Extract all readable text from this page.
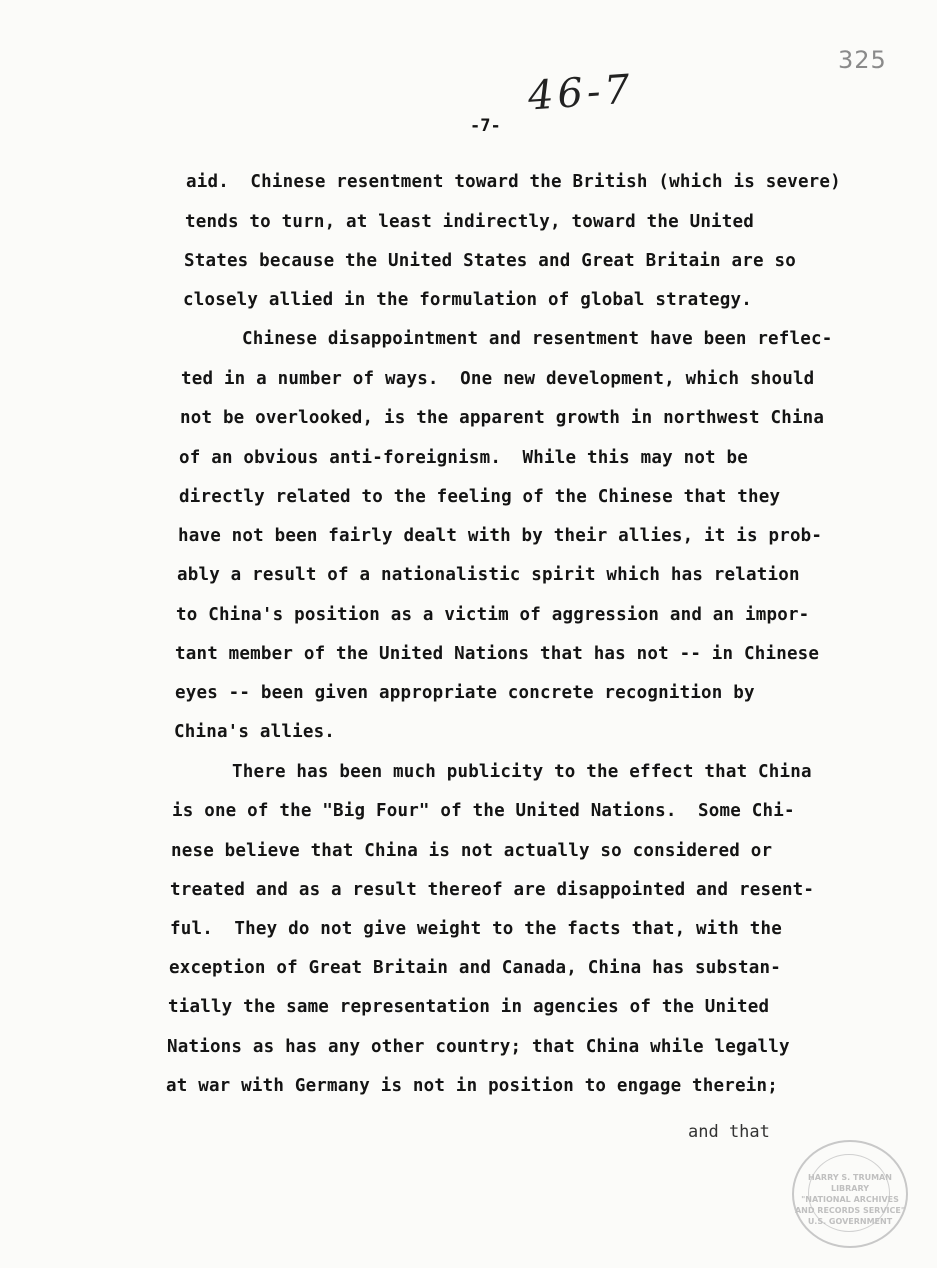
325
46-7
-7-
aid.  Chinese resentment toward the British (which is severe)
tends to turn, at least indirectly, toward the United
States because the United States and Great Britain are so
closely allied in the formulation of global strategy.
Chinese disappointment and resentment have been reflec-
ted in a number of ways.  One new development, which should
not be overlooked, is the apparent growth in northwest China
of an obvious anti-foreignism.  While this may not be
directly related to the feeling of the Chinese that they
have not been fairly dealt with by their allies, it is prob-
ably a result of a nationalistic spirit which has relation
to China's position as a victim of aggression and an impor-
tant member of the United Nations that has not -- in Chinese
eyes -- been given appropriate concrete recognition by
China's allies.
There has been much publicity to the effect that China
is one of the "Big Four" of the United Nations.  Some Chi-
nese believe that China is not actually so considered or
treated and as a result thereof are disappointed and resent-
ful.  They do not give weight to the facts that, with the
exception of Great Britain and Canada, China has substan-
tially the same representation in agencies of the United
Nations as has any other country; that China while legally
at war with Germany is not in position to engage therein;
and that
HARRY S. TRUMAN LIBRARY
"NATIONAL ARCHIVES AND RECORDS SERVICE"
U.S. GOVERNMENT
